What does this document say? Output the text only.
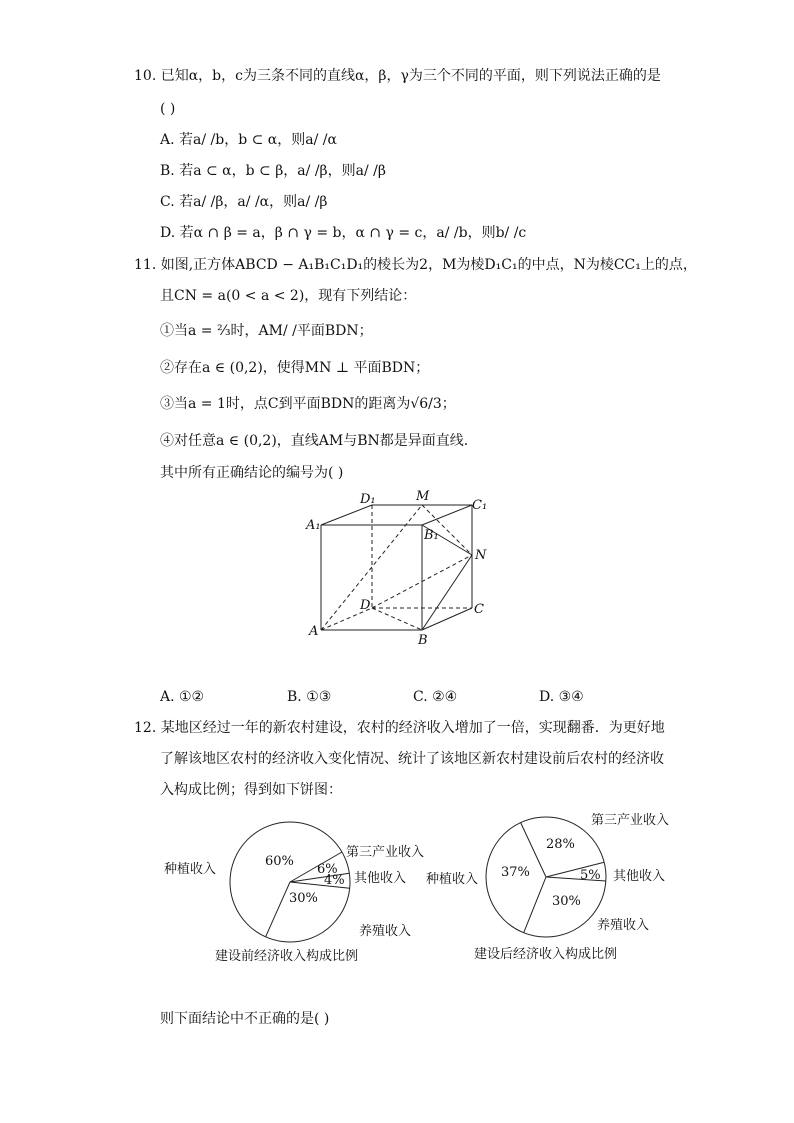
10. 已知α，b，c为三条不同的直线α，β，γ为三个不同的平面，则下列说法正确的是
( )
A. 若a/ /b，b ⊂ α，则a/ /α
B. 若a ⊂ α，b ⊂ β，a/ /β，则a/ /β
C. 若a/ /β，a/ /α，则a/ /β
D. 若α ∩ β = a，β ∩ γ = b，α ∩ γ = c，a/ /b，则b/ /c
11. 如图,正方体ABCD − A₁B₁C₁D₁的棱长为2，M为棱D₁C₁的中点，N为棱CC₁上的点，
且CN = a(0 < a < 2)，现有下列结论：
①当a = ⅔时，AM/ /平面BDN；
②存在a ∈ (0,2)，使得MN ⊥ 平面BDN；
③当a = 1时，点C到平面BDN的距离为√6/3；
④对任意a ∈ (0,2)，直线AM与BN都是异面直线.
其中所有正确结论的编号为( )
D₁	M
C₁
A₁
B₁
N
D	C
A
B
A. ①②	B. ①③	C. ②④	D. ③④
12. 某地区经过一年的新农村建设，农村的经济收入增加了一倍，实现翻番．为更好地
了解该地区农村的经济收入变化情况、统计了该地区新农村建设前后农村的经济收
入构成比例；得到如下饼图：
60%
6%
4%
30%
种植收入
第三产业收入
其他收入
养殖收入
建设前经济收入构成比例
28%
37%	5%
30%
第三产业收入
种植收入	其他收入
养殖收入
建设后经济收入构成比例
则下面结论中不正确的是( )
